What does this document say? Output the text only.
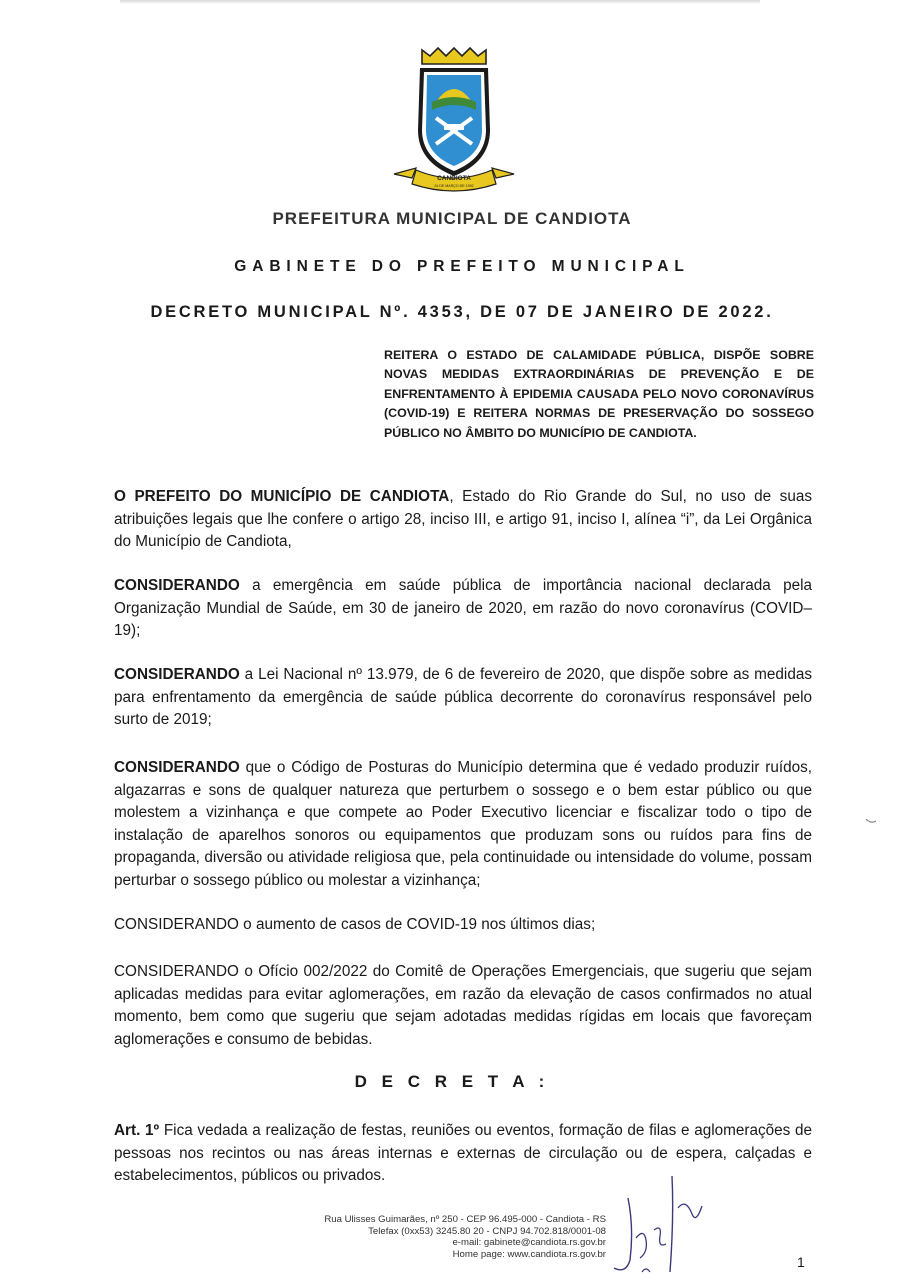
CANDIOTA
24 DE MARÇO DE 1992
PREFEITURA MUNICIPAL DE CANDIOTA
GABINETE DO PREFEITO MUNICIPAL
DECRETO MUNICIPAL Nº. 4353, DE 07 DE JANEIRO DE 2022.
REITERA O ESTADO DE CALAMIDADE PÚBLICA, DISPÕE SOBRE NOVAS MEDIDAS EXTRAORDINÁRIAS DE PREVENÇÃO E DE ENFRENTAMENTO À EPIDEMIA CAUSADA PELO NOVO CORONAVÍRUS (COVID-19) E REITERA NORMAS DE PRESERVAÇÃO DO SOSSEGO PÚBLICO NO ÂMBITO DO MUNICÍPIO DE CANDIOTA.
O PREFEITO DO MUNICÍPIO DE CANDIOTA, Estado do Rio Grande do Sul, no uso de suas atribuições legais que lhe confere o artigo 28, inciso III, e artigo 91, inciso I, alínea “i”, da Lei Orgânica do Município de Candiota,
CONSIDERANDO a emergência em saúde pública de importância nacional declarada pela Organização Mundial de Saúde, em 30 de janeiro de 2020, em razão do novo coronavírus (COVID–19);
CONSIDERANDO a Lei Nacional nº 13.979, de 6 de fevereiro de 2020, que dispõe sobre as medidas para enfrentamento da emergência de saúde pública decorrente do coronavírus responsável pelo surto de 2019;
CONSIDERANDO que o Código de Posturas do Município determina que é vedado produzir ruídos, algazarras e sons de qualquer natureza que perturbem o sossego e o bem estar público ou que molestem a vizinhança e que compete ao Poder Executivo licenciar e fiscalizar todo o tipo de instalação de aparelhos sonoros ou equipamentos que produzam sons ou ruídos para fins de propaganda, diversão ou atividade religiosa que, pela continuidade ou intensidade do volume, possam perturbar o sossego público ou molestar a vizinhança;
CONSIDERANDO o aumento de casos de COVID-19 nos últimos dias;
CONSIDERANDO o Ofício 002/2022 do Comitê de Operações Emergenciais, que sugeriu que sejam aplicadas medidas para evitar aglomerações, em razão da elevação de casos confirmados no atual momento, bem como que sugeriu que sejam adotadas medidas rígidas em locais que favoreçam aglomerações e consumo de bebidas.
D E C R E T A :
Art. 1º Fica vedada a realização de festas, reuniões ou eventos, formação de filas e aglomerações de pessoas nos recintos ou nas áreas internas e externas de circulação ou de espera, calçadas e estabelecimentos, públicos ou privados.
Rua Ulisses Guimarães, nº 250 - CEP 96.495-000 - Candiota - RS
Telefax (0xx53) 3245.80 20 - CNPJ 94.702.818/0001-08
e-mail: gabinete@candiota.rs.gov.br
Home page: www.candiota.rs.gov.br	1
